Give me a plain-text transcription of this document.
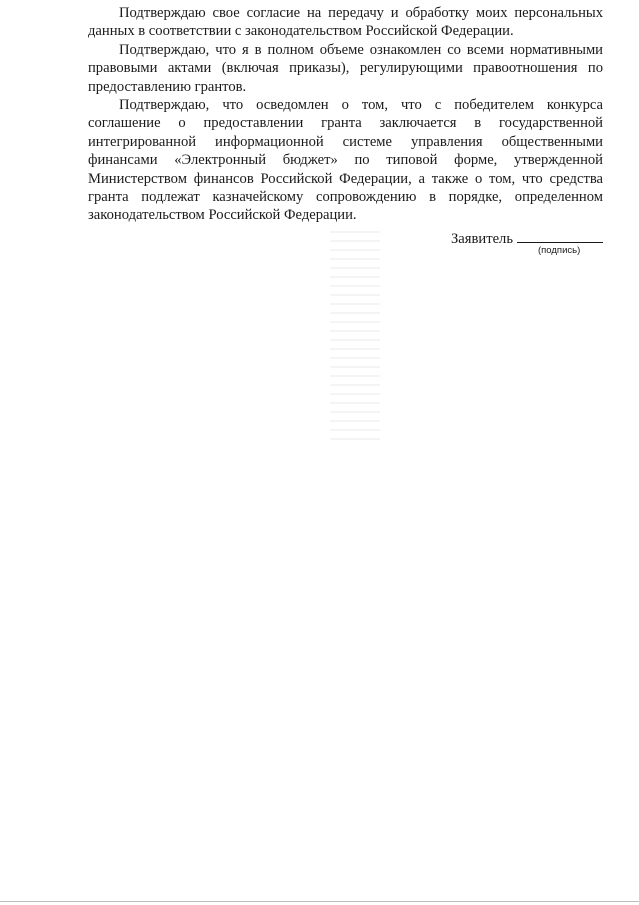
Подтверждаю свое согласие на передачу и обработку моих персональных данных в соответствии с законодательством Российской Федерации.

Подтверждаю, что я в полном объеме ознакомлен со всеми нормативными правовыми актами (включая приказы), регулирующими правоотношения по предоставлению грантов.

Подтверждаю, что осведомлен о том, что с победителем конкурса соглашение о предоставлении гранта заключается в государственной интегрированной информационной системе управления общественными финансами «Электронный бюджет» по типовой форме, утвержденной Министерством финансов Российской Федерации, а также о том, что средства гранта подлежат казначейскому сопровождению в порядке, определенном законодательством Российской Федерации.

Заявитель
(подпись)
